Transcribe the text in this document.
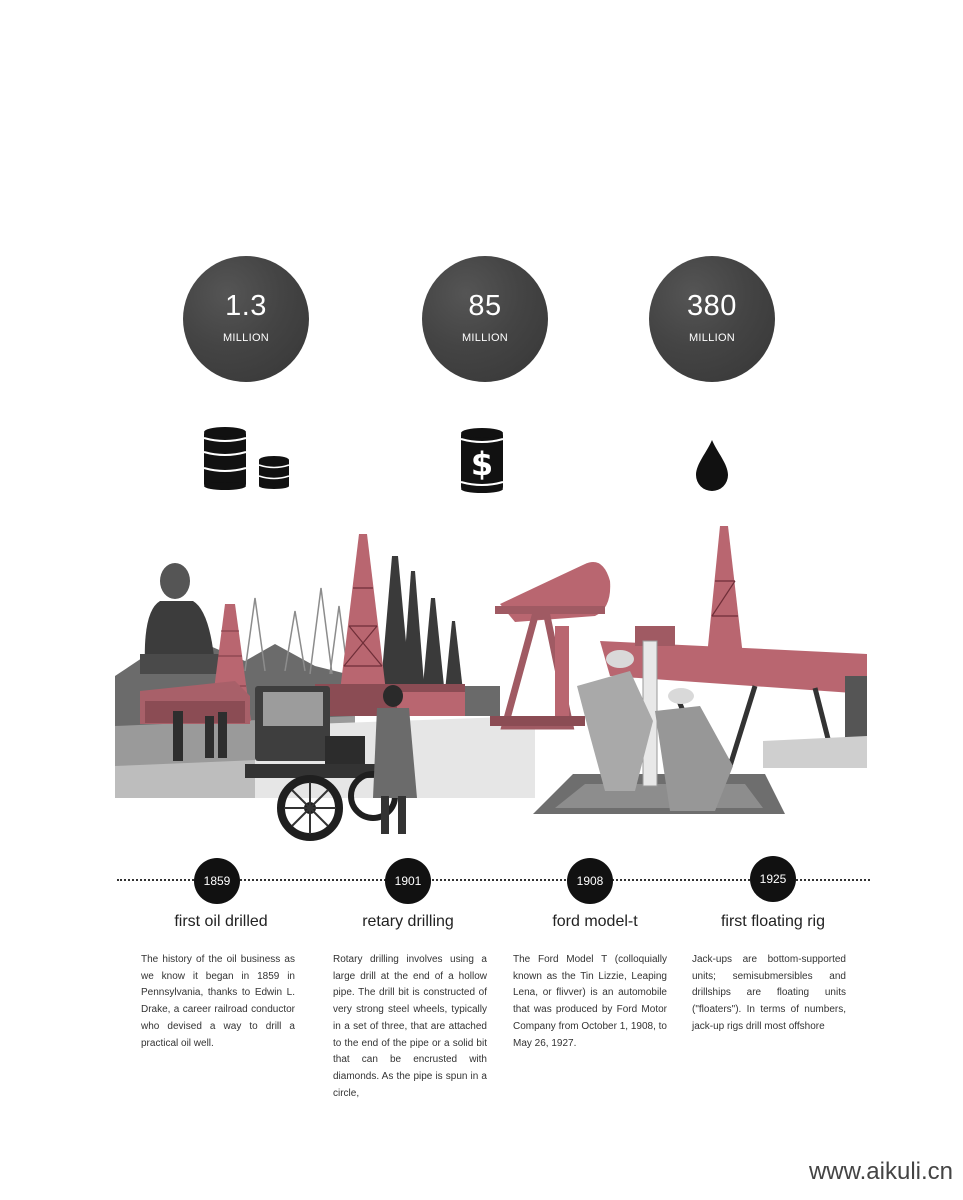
1.3
MILLION
85
MILLION
380
MILLION
$
1859	1901	1908	1925
first oil drilled	retary drilling	ford model-t	first floating rig
The history of the oil business as we know it began in 1859 in Pennsylvania, thanks to Edwin L. Drake, a career railroad conductor who devised a way to drill a practical oil well.
Rotary drilling involves using a large drill at the end of a hollow pipe. The drill bit is constructed of very strong steel wheels, typically in a set of three, that are attached to the end of the pipe or a solid bit that can be encrusted with diamonds. As the pipe is spun in a circle,
The Ford Model T (colloquially known as the Tin Lizzie, Leaping Lena, or flivver) is an automobile that was produced by Ford Motor Company from October 1, 1908, to May 26, 1927.
Jack-ups are bottom-supported units; semisubmersibles and drillships are floating units ("floaters"). In terms of numbers, jack-up rigs drill most offshore
www.aikuli.cn
